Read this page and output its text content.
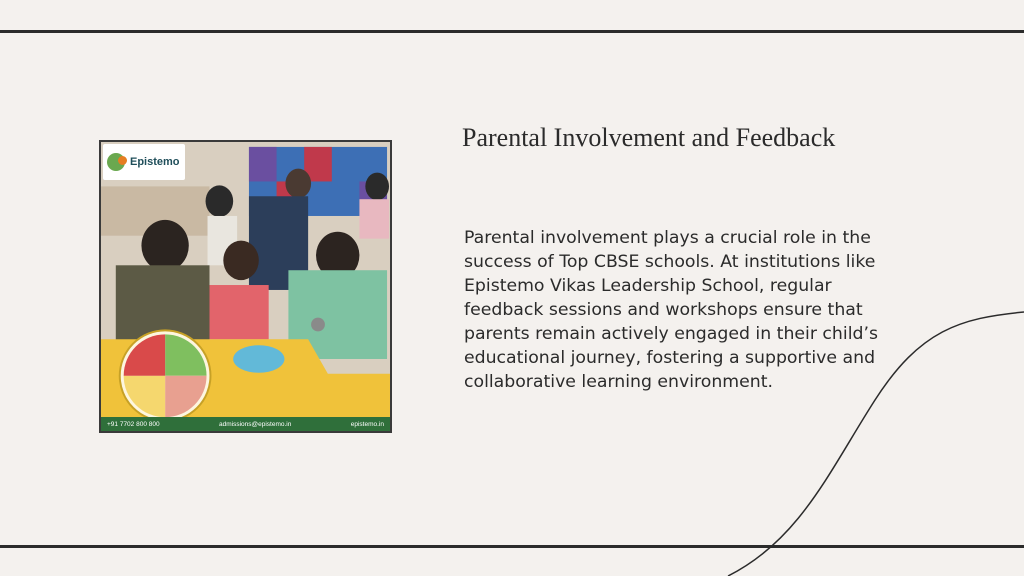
Epistemo
+91 7702 800 800	admissions@epistemo.in	epistemo.in
Parental Involvement and Feedback
Parental involvement plays a crucial role in the success of Top CBSE schools. At institutions like Epistemo Vikas Leadership School, regular feedback sessions and workshops ensure that parents remain actively engaged in their child’s educational journey, fostering a supportive and collaborative learning environment.
